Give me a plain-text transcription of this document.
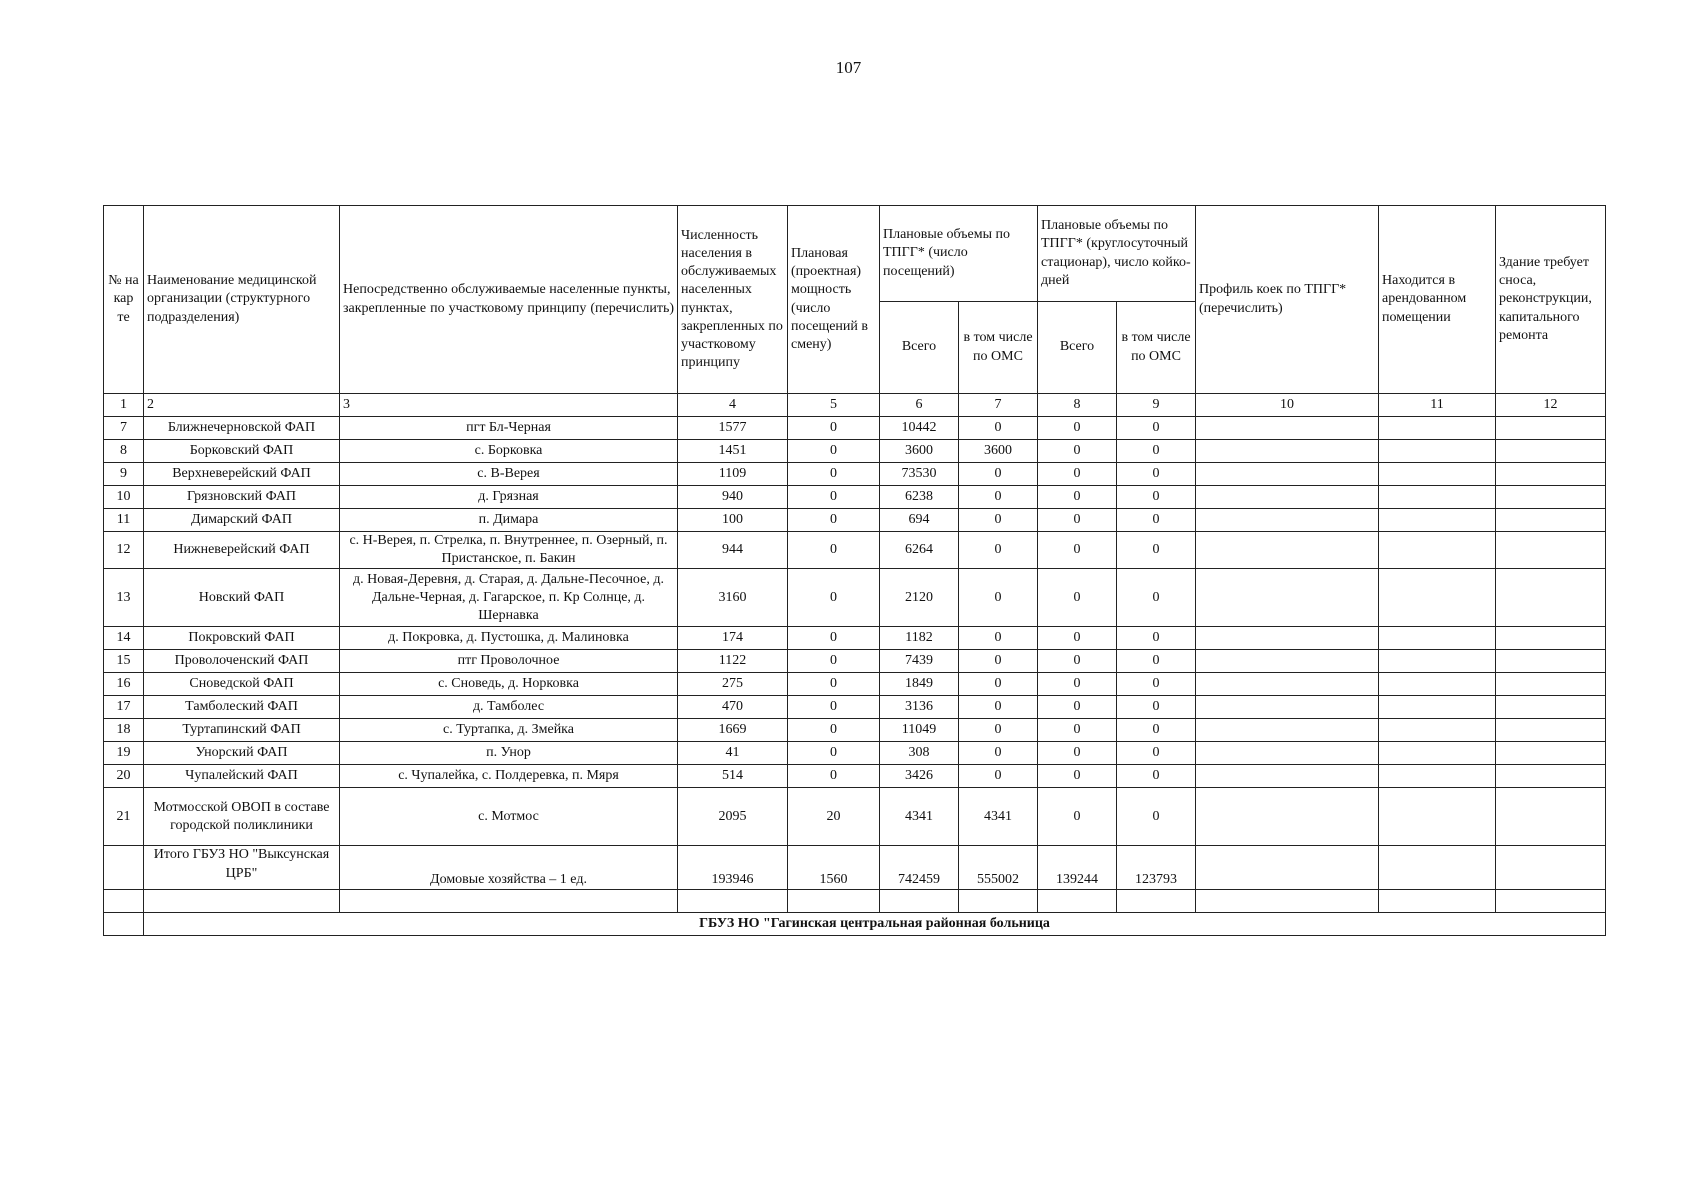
107
№ на кар те	Наименование медицинской организации (структурного подразделения)	Непосредственно обслуживаемые населенные пункты, закрепленные по участковому принципу (перечислить)	Численность населения в обслуживаемых населенных пунктах, закрепленных по участковому принципу	Плановая (проектная) мощность (число посещений в смену)	Плановые объемы по ТПГГ* (число посещений)		Плановые объемы по ТПГГ* (круглосуточный стационар), число койко-дней		Профиль коек по ТПГГ* (перечислить)	Находится в арендованном помещении	Здание требует сноса, реконструкции, капитального ремонта
					Всего	в том числе по ОМС	Всего	в том числе по ОМС			
1	2	3	4	5	6	7	8	9	10	11	12
7	Ближнечерновской ФАП	пгт Бл-Черная	1577	0	10442	0	0	0			
8	Борковский ФАП	с. Борковка	1451	0	3600	3600	0	0			
9	Верхневерейский ФАП	с. В-Верея	1109	0	73530	0	0	0			
10	Грязновский ФАП	д. Грязная	940	0	6238	0	0	0			
11	Димарский ФАП	п. Димара	100	0	694	0	0	0			
12	Нижневерейский ФАП	с. Н-Верея, п. Стрелка, п. Внутреннее, п. Озерный, п. Пристанское, п. Бакин	944	0	6264	0	0	0			
13	Новский ФАП	д. Новая-Деревня, д. Старая, д. Дальне-Песочное, д. Дальне-Черная, д. Гагарское, п. Кр Солнце, д. Шернавка	3160	0	2120	0	0	0			
14	Покровский ФАП	д. Покровка, д. Пустошка, д. Малиновка	174	0	1182	0	0	0			
15	Проволоченский ФАП	птг Проволочное	1122	0	7439	0	0	0			
16	Сноведской ФАП	с. Сноведь, д. Норковка	275	0	1849	0	0	0			
17	Тамболеский ФАП	д. Тамболес	470	0	3136	0	0	0			
18	Туртапинский ФАП	с. Туртапка, д. Змейка	1669	0	11049	0	0	0			
19	Унорский ФАП	п. Унор	41	0	308	0	0	0			
20	Чупалейский ФАП	с. Чупалейка, с. Полдеревка, п. Мяря	514	0	3426	0	0	0			
21	Мотмосской ОВОП в составе городской поликлиники	с. Мотмос	2095	20	4341	4341	0	0			
	Итого ГБУЗ НО "Выксунская ЦРБ"	Домовые хозяйства – 1 ед.	193946	1560	742459	555002	139244	123793			

	ГБУЗ НО "Гагинская центральная районная больница										
